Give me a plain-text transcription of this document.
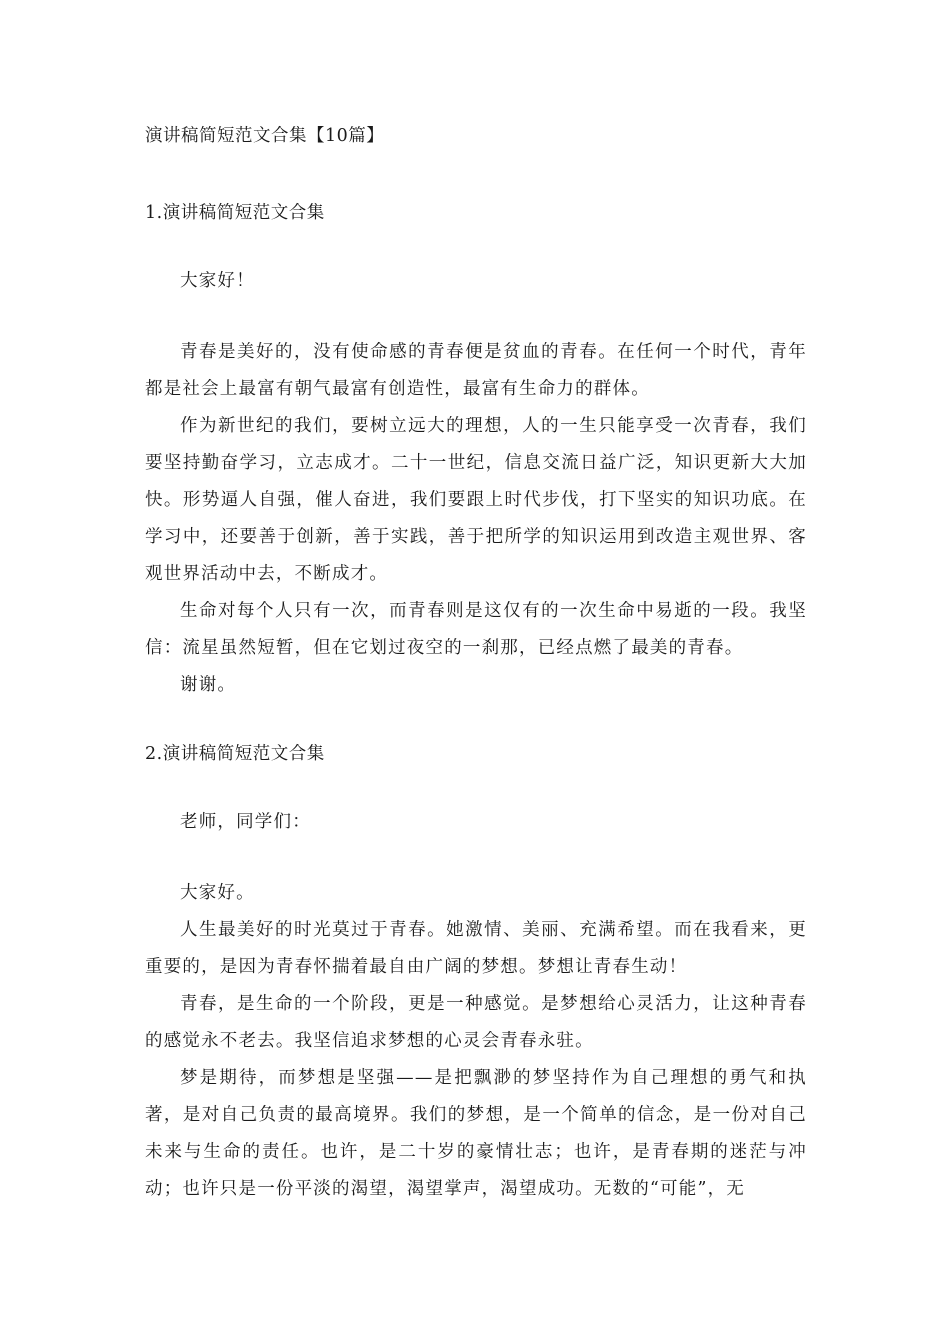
演讲稿简短范文合集【10篇】
1.演讲稿简短范文合集

大家好！

青春是美好的，没有使命感的青春便是贫血的青春。在任何一个时代，青年都是社会上最富有朝气最富有创造性，最富有生命力的群体。

作为新世纪的我们，要树立远大的理想，人的一生只能享受一次青春，我们要坚持勤奋学习，立志成才。二十一世纪，信息交流日益广泛，知识更新大大加快。形势逼人自强，催人奋进，我们要跟上时代步伐，打下坚实的知识功底。在学习中，还要善于创新，善于实践，善于把所学的知识运用到改造主观世界、客观世界活动中去，不断成才。

生命对每个人只有一次，而青春则是这仅有的一次生命中易逝的一段。我坚信：流星虽然短暂，但在它划过夜空的一刹那，已经点燃了最美的青春。

谢谢。

2.演讲稿简短范文合集

老师，同学们：

大家好。

人生最美好的时光莫过于青春。她激情、美丽、充满希望。而在我看来，更重要的，是因为青春怀揣着最自由广阔的梦想。梦想让青春生动！

青春，是生命的一个阶段，更是一种感觉。是梦想给心灵活力，让这种青春的感觉永不老去。我坚信追求梦想的心灵会青春永驻。

梦是期待，而梦想是坚强——是把飘渺的梦坚持作为自己理想的勇气和执著，是对自己负责的最高境界。我们的梦想，是一个简单的信念，是一份对自己未来与生命的责任。也许，是二十岁的豪情壮志；也许，是青春期的迷茫与冲动；也许只是一份平淡的渴望，渴望掌声，渴望成功。无数的“可能”，无
